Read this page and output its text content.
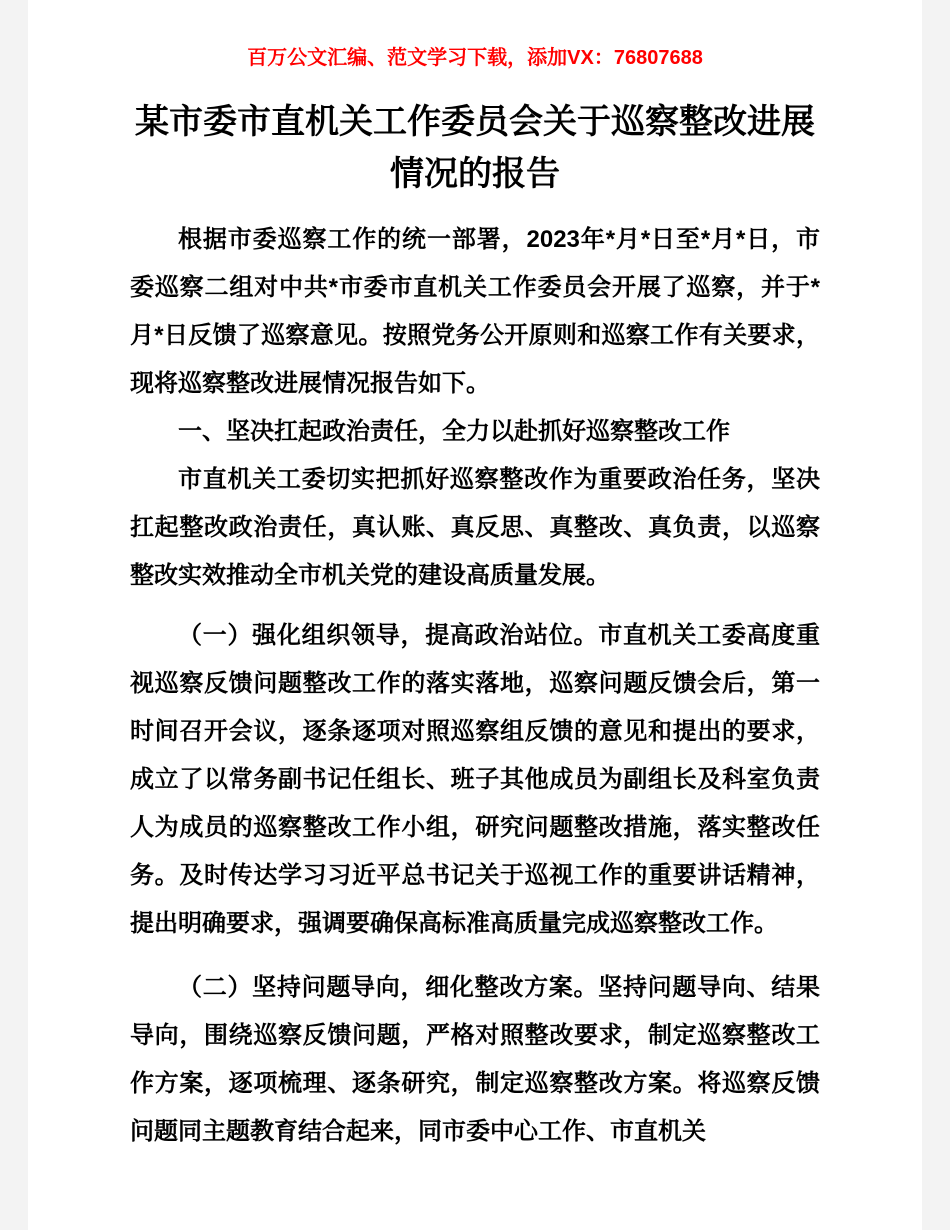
百万公文汇编、范文学习下载，添加VX：76807688
某市委市直机关工作委员会关于巡察整改进展情况的报告

根据市委巡察工作的统一部署，2023年*月*日至*月*日，市委巡察二组对中共*市委市直机关工作委员会开展了巡察，并于*月*日反馈了巡察意见。按照党务公开原则和巡察工作有关要求，现将巡察整改进展情况报告如下。

一、坚决扛起政治责任，全力以赴抓好巡察整改工作

市直机关工委切实把抓好巡察整改作为重要政治任务，坚决扛起整改政治责任，真认账、真反思、真整改、真负责，以巡察整改实效推动全市机关党的建设高质量发展。

（一）强化组织领导，提高政治站位。市直机关工委高度重视巡察反馈问题整改工作的落实落地，巡察问题反馈会后，第一时间召开会议，逐条逐项对照巡察组反馈的意见和提出的要求，成立了以常务副书记任组长、班子其他成员为副组长及科室负责人为成员的巡察整改工作小组，研究问题整改措施，落实整改任务。及时传达学习习近平总书记关于巡视工作的重要讲话精神，提出明确要求，强调要确保高标准高质量完成巡察整改工作。

（二）坚持问题导向，细化整改方案。坚持问题导向、结果导向，围绕巡察反馈问题，严格对照整改要求，制定巡察整改工作方案，逐项梳理、逐条研究，制定巡察整改方案。将巡察反馈问题同主题教育结合起来，同市委中心工作、市直机关
